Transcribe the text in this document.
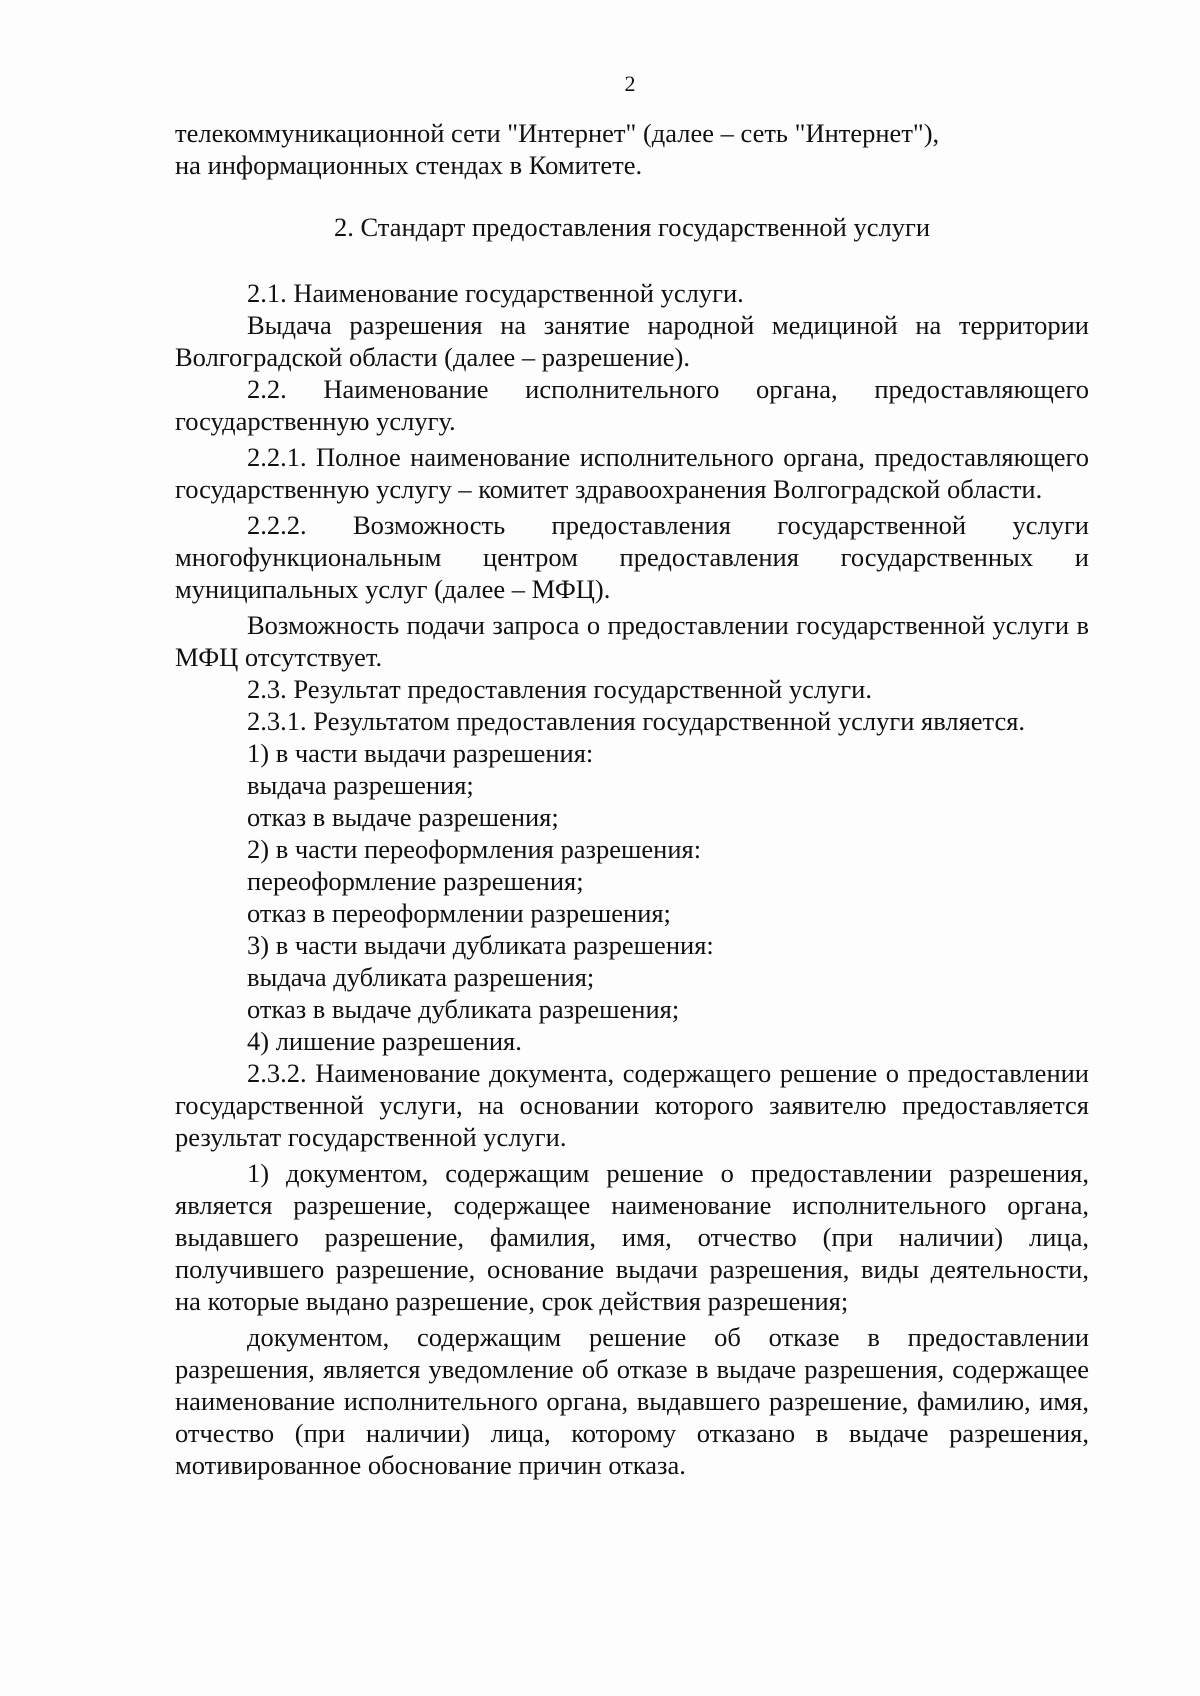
2

телекоммуникационной сети "Интернет" (далее – сеть "Интернет"),

на информационных стендах в Комитете.

2. Стандарт предоставления государственной услуги

2.1. Наименование государственной услуги.

Выдача разрешения на занятие народной медициной на территории Волгоградской области (далее – разрешение).

2.2. Наименование исполнительного органа, предоставляющего государственную услугу.

2.2.1. Полное наименование исполнительного органа, предоставляющего государственную услугу – комитет здравоохранения Волгоградской области.

2.2.2. Возможность предоставления государственной услуги многофункциональным центром предоставления государственных и муниципальных услуг (далее – МФЦ).

Возможность подачи запроса о предоставлении государственной услуги в МФЦ отсутствует.

2.3. Результат предоставления государственной услуги.

2.3.1. Результатом предоставления государственной услуги является.

1) в части выдачи разрешения:

выдача разрешения;

отказ в выдаче разрешения;

2) в части переоформления разрешения:

переоформление разрешения;

отказ в переоформлении разрешения;

3) в части выдачи дубликата разрешения:

выдача дубликата разрешения;

отказ в выдаче дубликата разрешения;

4) лишение разрешения.

2.3.2. Наименование документа, содержащего решение о предоставлении государственной услуги, на основании которого заявителю предоставляется результат государственной услуги.

1) документом, содержащим решение о предоставлении разрешения, является разрешение, содержащее наименование исполнительного органа, выдавшего разрешение, фамилия, имя, отчество (при наличии) лица, получившего разрешение, основание выдачи разрешения, виды деятельности, на которые выдано разрешение, срок действия разрешения;

документом, содержащим решение об отказе в предоставлении разрешения, является уведомление об отказе в выдаче разрешения, содержащее наименование исполнительного органа, выдавшего разрешение, фамилию, имя, отчество (при наличии) лица, которому отказано в выдаче разрешения, мотивированное обоснование причин отказа.
